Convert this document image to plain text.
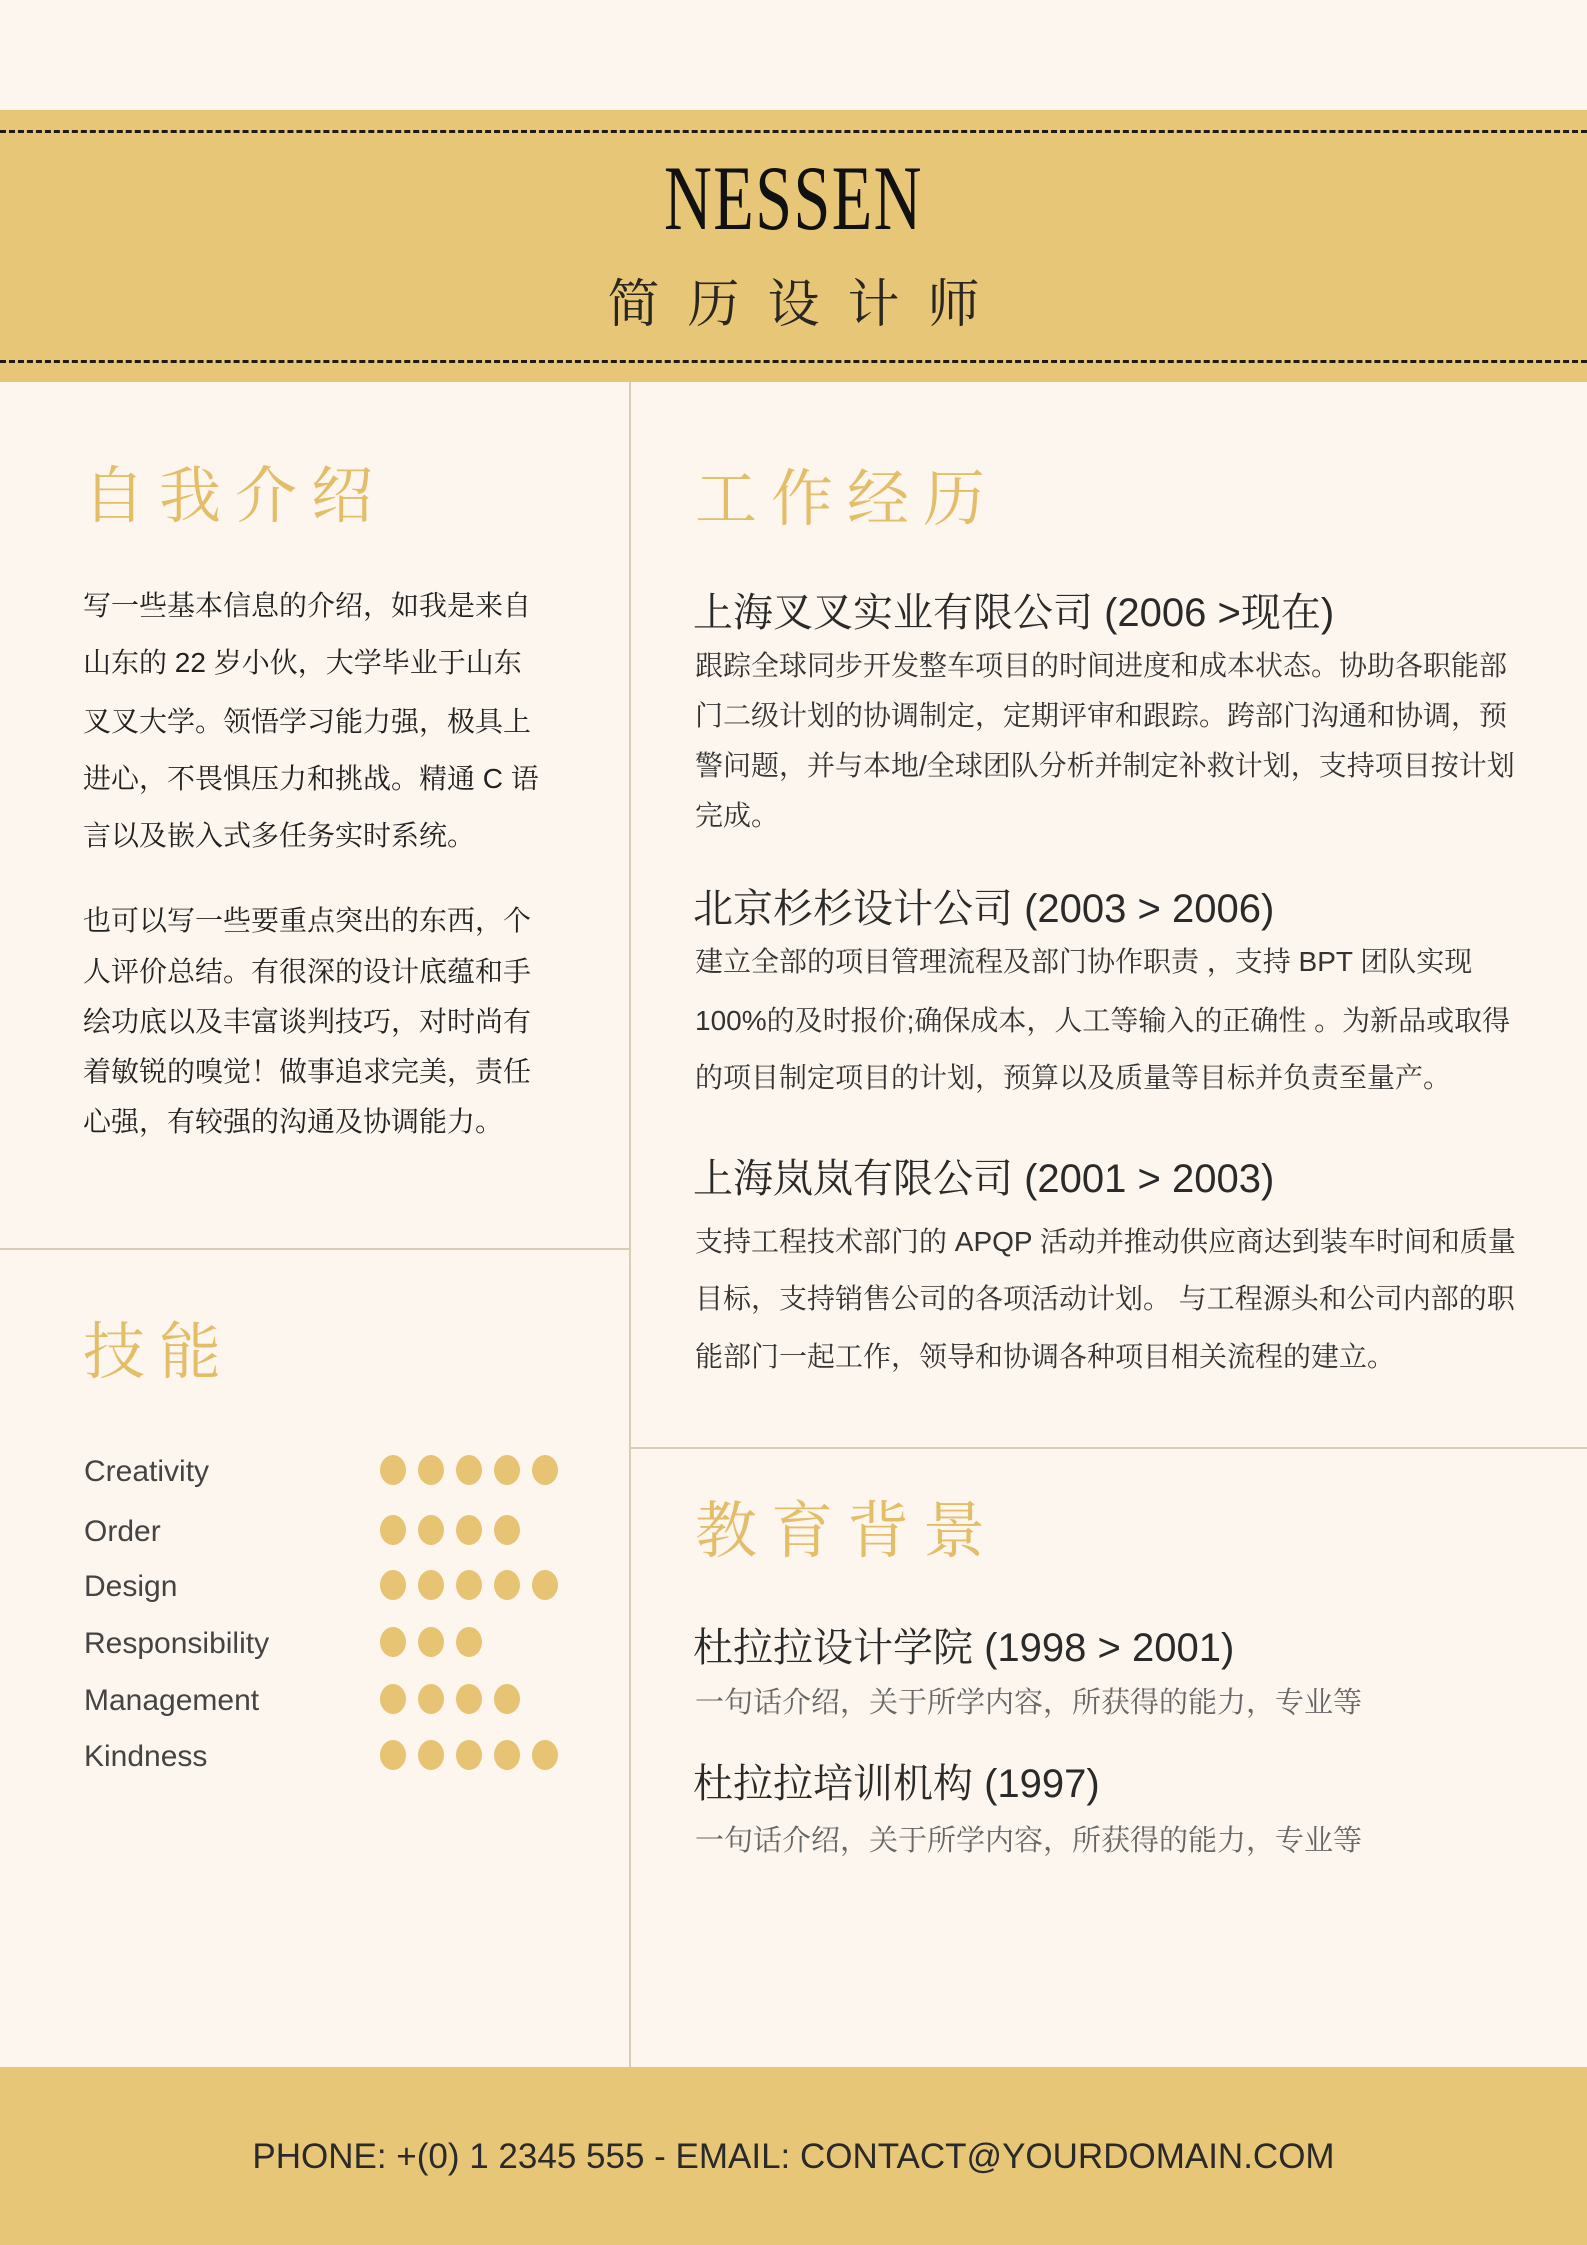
NESSEN
简历设计师
自我介绍
写一些基本信息的介绍，如我是来自
山东的 22 岁小伙，大学毕业于山东
叉叉大学。领悟学习能力强，极具上
进心，不畏惧压力和挑战。精通 C 语
言以及嵌入式多任务实时系统。
也可以写一些要重点突出的东西，个
人评价总结。有很深的设计底蕴和手
绘功底以及丰富谈判技巧，对时尚有
着敏锐的嗅觉！做事追求完美，责任
心强，有较强的沟通及协调能力。
技能
Creativity
Order
Design
Responsibility
Management
Kindness
工作经历
上海叉叉实业有限公司 (2006 >现在)
跟踪全球同步开发整车项目的时间进度和成本状态。协助各职能部
门二级计划的协调制定，定期评审和跟踪。跨部门沟通和协调，预
警问题，并与本地/全球团队分析并制定补救计划，支持项目按计划
完成。
北京杉杉设计公司 (2003 > 2006)
建立全部的项目管理流程及部门协作职责 ，支持 BPT 团队实现
100%的及时报价;确保成本，人工等输入的正确性 。为新品或取得
的项目制定项目的计划，预算以及质量等目标并负责至量产。
上海岚岚有限公司 (2001 > 2003)
支持工程技术部门的 APQP 活动并推动供应商达到装车时间和质量
目标，支持销售公司的各项活动计划。 与工程源头和公司内部的职
能部门一起工作，领导和协调各种项目相关流程的建立。
教育背景
杜拉拉设计学院 (1998 > 2001)
一句话介绍，关于所学内容，所获得的能力，专业等
杜拉拉培训机构 (1997)
一句话介绍，关于所学内容，所获得的能力，专业等
PHONE: +(0) 1 2345 555 - EMAIL: CONTACT@YOURDOMAIN.COM
